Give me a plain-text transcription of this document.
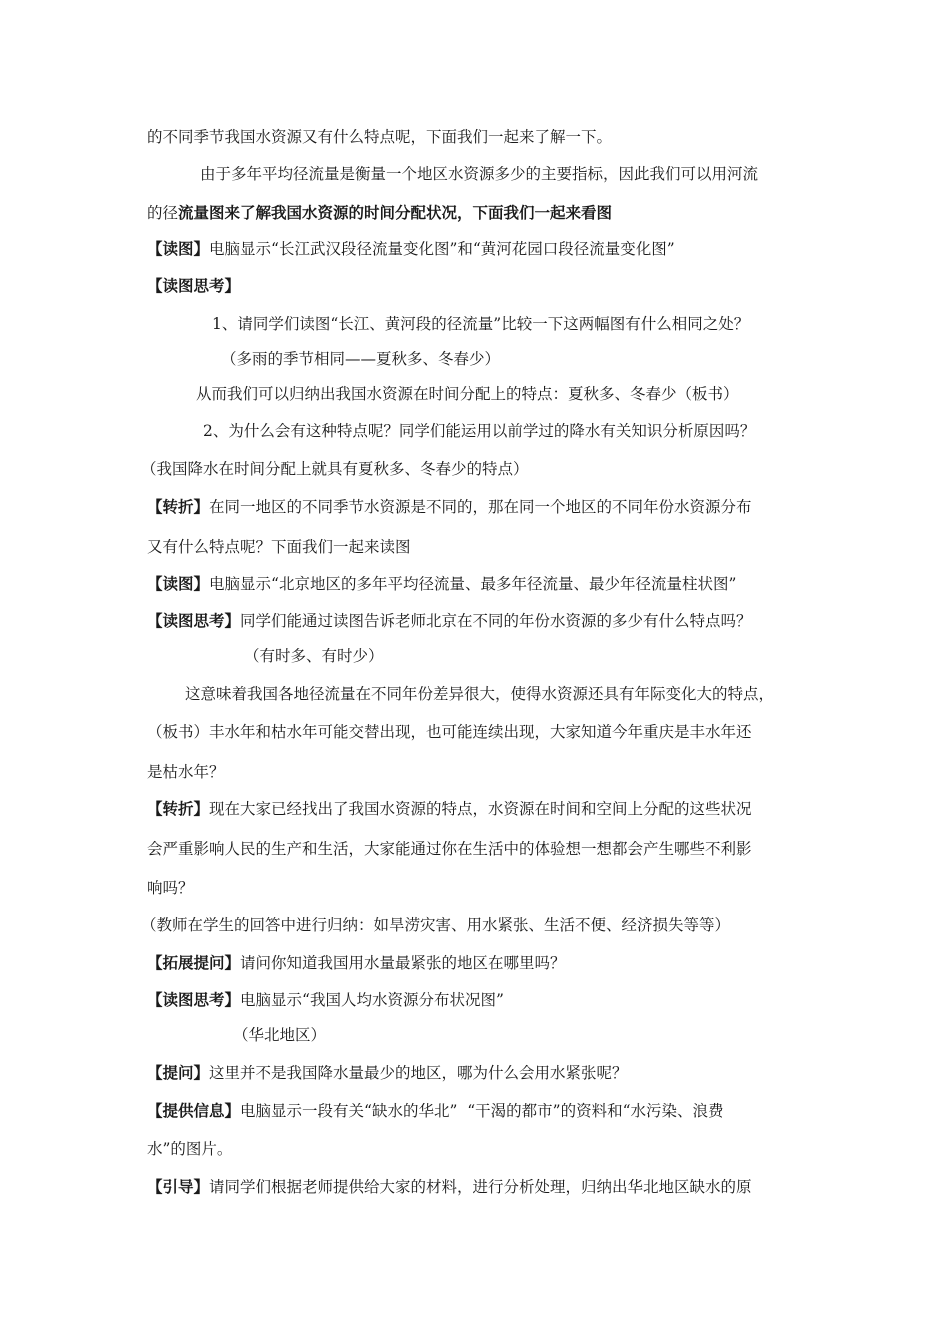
的不同季节我国水资源又有什么特点呢，下面我们一起来了解一下。
由于多年平均径流量是衡量一个地区水资源多少的主要指标，因此我们可以用河流
的径流量图来了解我国水资源的时间分配状况，下面我们一起来看图
【读图】电脑显示“长江武汉段径流量变化图”和“黄河花园口段径流量变化图”
【读图思考】
1、请同学们读图“长江、黄河段的径流量”比较一下这两幅图有什么相同之处？
（多雨的季节相同——夏秋多、冬春少）
从而我们可以归纳出我国水资源在时间分配上的特点：夏秋多、冬春少（板书）
2、为什么会有这种特点呢？同学们能运用以前学过的降水有关知识分析原因吗？
（我国降水在时间分配上就具有夏秋多、冬春少的特点）
【转折】在同一地区的不同季节水资源是不同的，那在同一个地区的不同年份水资源分布
又有什么特点呢？下面我们一起来读图
【读图】电脑显示“北京地区的多年平均径流量、最多年径流量、最少年径流量柱状图”
【读图思考】同学们能通过读图告诉老师北京在不同的年份水资源的多少有什么特点吗？
（有时多、有时少）
这意味着我国各地径流量在不同年份差异很大，使得水资源还具有年际变化大的特点，
（板书）丰水年和枯水年可能交替出现，也可能连续出现，大家知道今年重庆是丰水年还
是枯水年？
【转折】现在大家已经找出了我国水资源的特点，水资源在时间和空间上分配的这些状况
会严重影响人民的生产和生活，大家能通过你在生活中的体验想一想都会产生哪些不利影
响吗？
（教师在学生的回答中进行归纳：如旱涝灾害、用水紧张、生活不便、经济损失等等）
【拓展提问】请问你知道我国用水量最紧张的地区在哪里吗？
【读图思考】电脑显示“我国人均水资源分布状况图”
（华北地区）
【提问】这里并不是我国降水量最少的地区，哪为什么会用水紧张呢？
【提供信息】电脑显示一段有关“缺水的华北”  “干渴的都市”的资料和“水污染、浪费
水”的图片。
【引导】请同学们根据老师提供给大家的材料，进行分析处理，归纳出华北地区缺水的原
